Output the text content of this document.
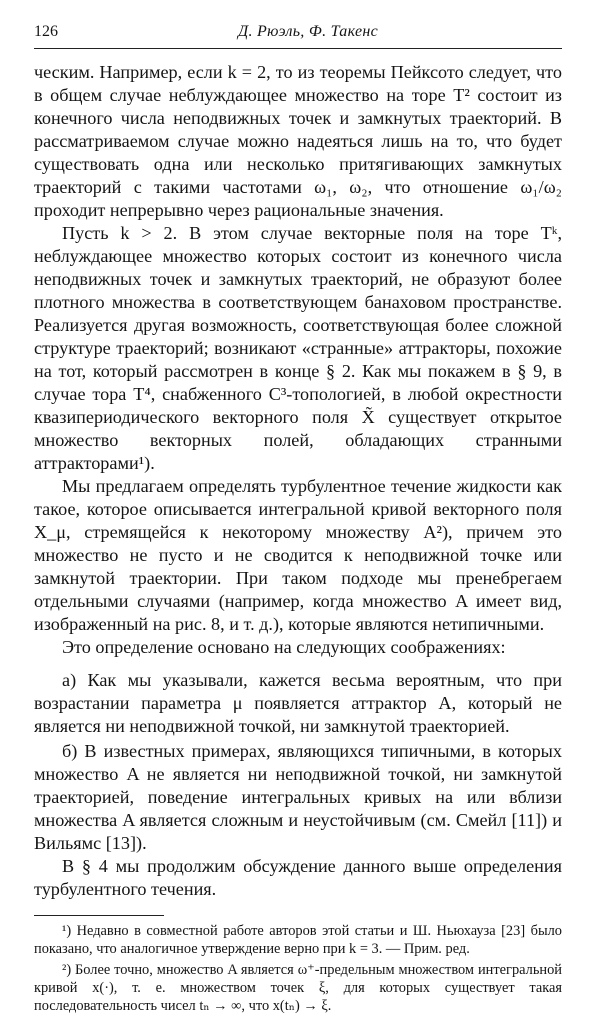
126	Д. Рюэль, Ф. Такенс

ческим. Например, если k = 2, то из теоремы Пейксото следует, что в общем случае неблуждающее множество на торе T² состоит из конечного числа неподвижных точек и замкнутых траекторий. В рассматриваемом случае можно надеяться лишь на то, что будет существовать одна или несколько притягивающих замкнутых траекторий с такими частотами ω₁, ω₂, что отношение ω₁/ω₂ проходит непрерывно через рациональные значения.

Пусть k > 2. В этом случае векторные поля на торе Tᵏ, неблуждающее множество которых состоит из конечного числа неподвижных точек и замкнутых траекторий, не образуют более плотного множества в соответствующем банаховом пространстве. Реализуется другая возможность, соответствующая более сложной структуре траекторий; возникают «странные» аттракторы, похожие на тот, который рассмотрен в конце § 2. Как мы покажем в § 9, в случае тора T⁴, снабженного C³-топологией, в любой окрестности квазипериодического векторного поля X̃ существует открытое множество векторных полей, обладающих странными аттракторами¹).

Мы предлагаем определять турбулентное течение жидкости как такое, которое описывается интегральной кривой векторного поля X_μ, стремящейся к некоторому множеству A²), причем это множество не пусто и не сводится к неподвижной точке или замкнутой траектории. При таком подходе мы пренебрегаем отдельными случаями (например, когда множество A имеет вид, изображенный на рис. 8, и т. д.), которые являются нетипичными.

Это определение основано на следующих соображениях:

а) Как мы указывали, кажется весьма вероятным, что при возрастании параметра μ появляется аттрактор A, который не является ни неподвижной точкой, ни замкнутой траекторией.

б) В известных примерах, являющихся типичными, в которых множество A не является ни неподвижной точкой, ни замкнутой траекторией, поведение интегральных кривых на или вблизи множества A является сложным и неустойчивым (см. Смейл [11]) и Вильямс [13]).

В § 4 мы продолжим обсуждение данного выше определения турбулентного течения.

¹) Недавно в совместной работе авторов этой статьи и Ш. Ньюхауза [23] было показано, что аналогичное утверждение верно при k = 3. — Прим. ред.

²) Более точно, множество A является ω⁺-предельным множеством интегральной кривой x(·), т. е. множеством точек ξ, для которых существует такая последовательность чисел tₙ → ∞, что x(tₙ) → ξ.
